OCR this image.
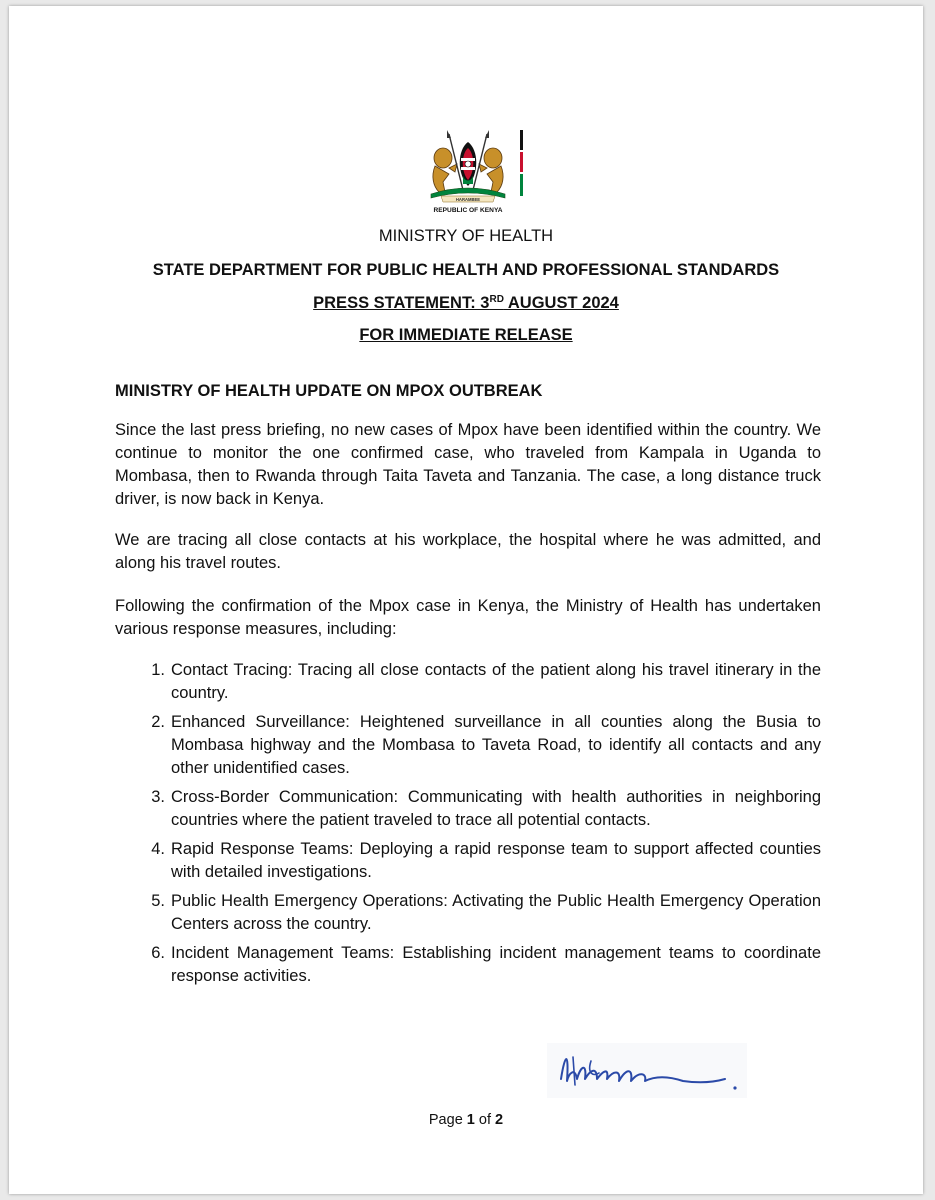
HARAMBEE
REPUBLIC OF KENYA
MINISTRY OF HEALTH
STATE DEPARTMENT FOR PUBLIC HEALTH AND PROFESSIONAL STANDARDS
PRESS STATEMENT: 3RD AUGUST 2024
FOR IMMEDIATE RELEASE

MINISTRY OF HEALTH UPDATE ON MPOX OUTBREAK

Since the last press briefing, no new cases of Mpox have been identified within the country. We continue to monitor the one confirmed case, who traveled from Kampala in Uganda to Mombasa, then to Rwanda through Taita Taveta and Tanzania. The case, a long distance truck driver, is now back in Kenya.

We are tracing all close contacts at his workplace, the hospital where he was admitted, and along his travel routes.

Following the confirmation of the Mpox case in Kenya, the Ministry of Health has undertaken various response measures, including:

1. Contact Tracing: Tracing all close contacts of the patient along his travel itinerary in the country.
2. Enhanced Surveillance: Heightened surveillance in all counties along the Busia to Mombasa highway and the Mombasa to Taveta Road, to identify all contacts and any other unidentified cases.
3. Cross-Border Communication: Communicating with health authorities in neighboring countries where the patient traveled to trace all potential contacts.
4. Rapid Response Teams: Deploying a rapid response team to support affected counties with detailed investigations.
5. Public Health Emergency Operations: Activating the Public Health Emergency Operation Centers across the country.
6. Incident Management Teams: Establishing incident management teams to coordinate response activities.
Page 1 of 2
